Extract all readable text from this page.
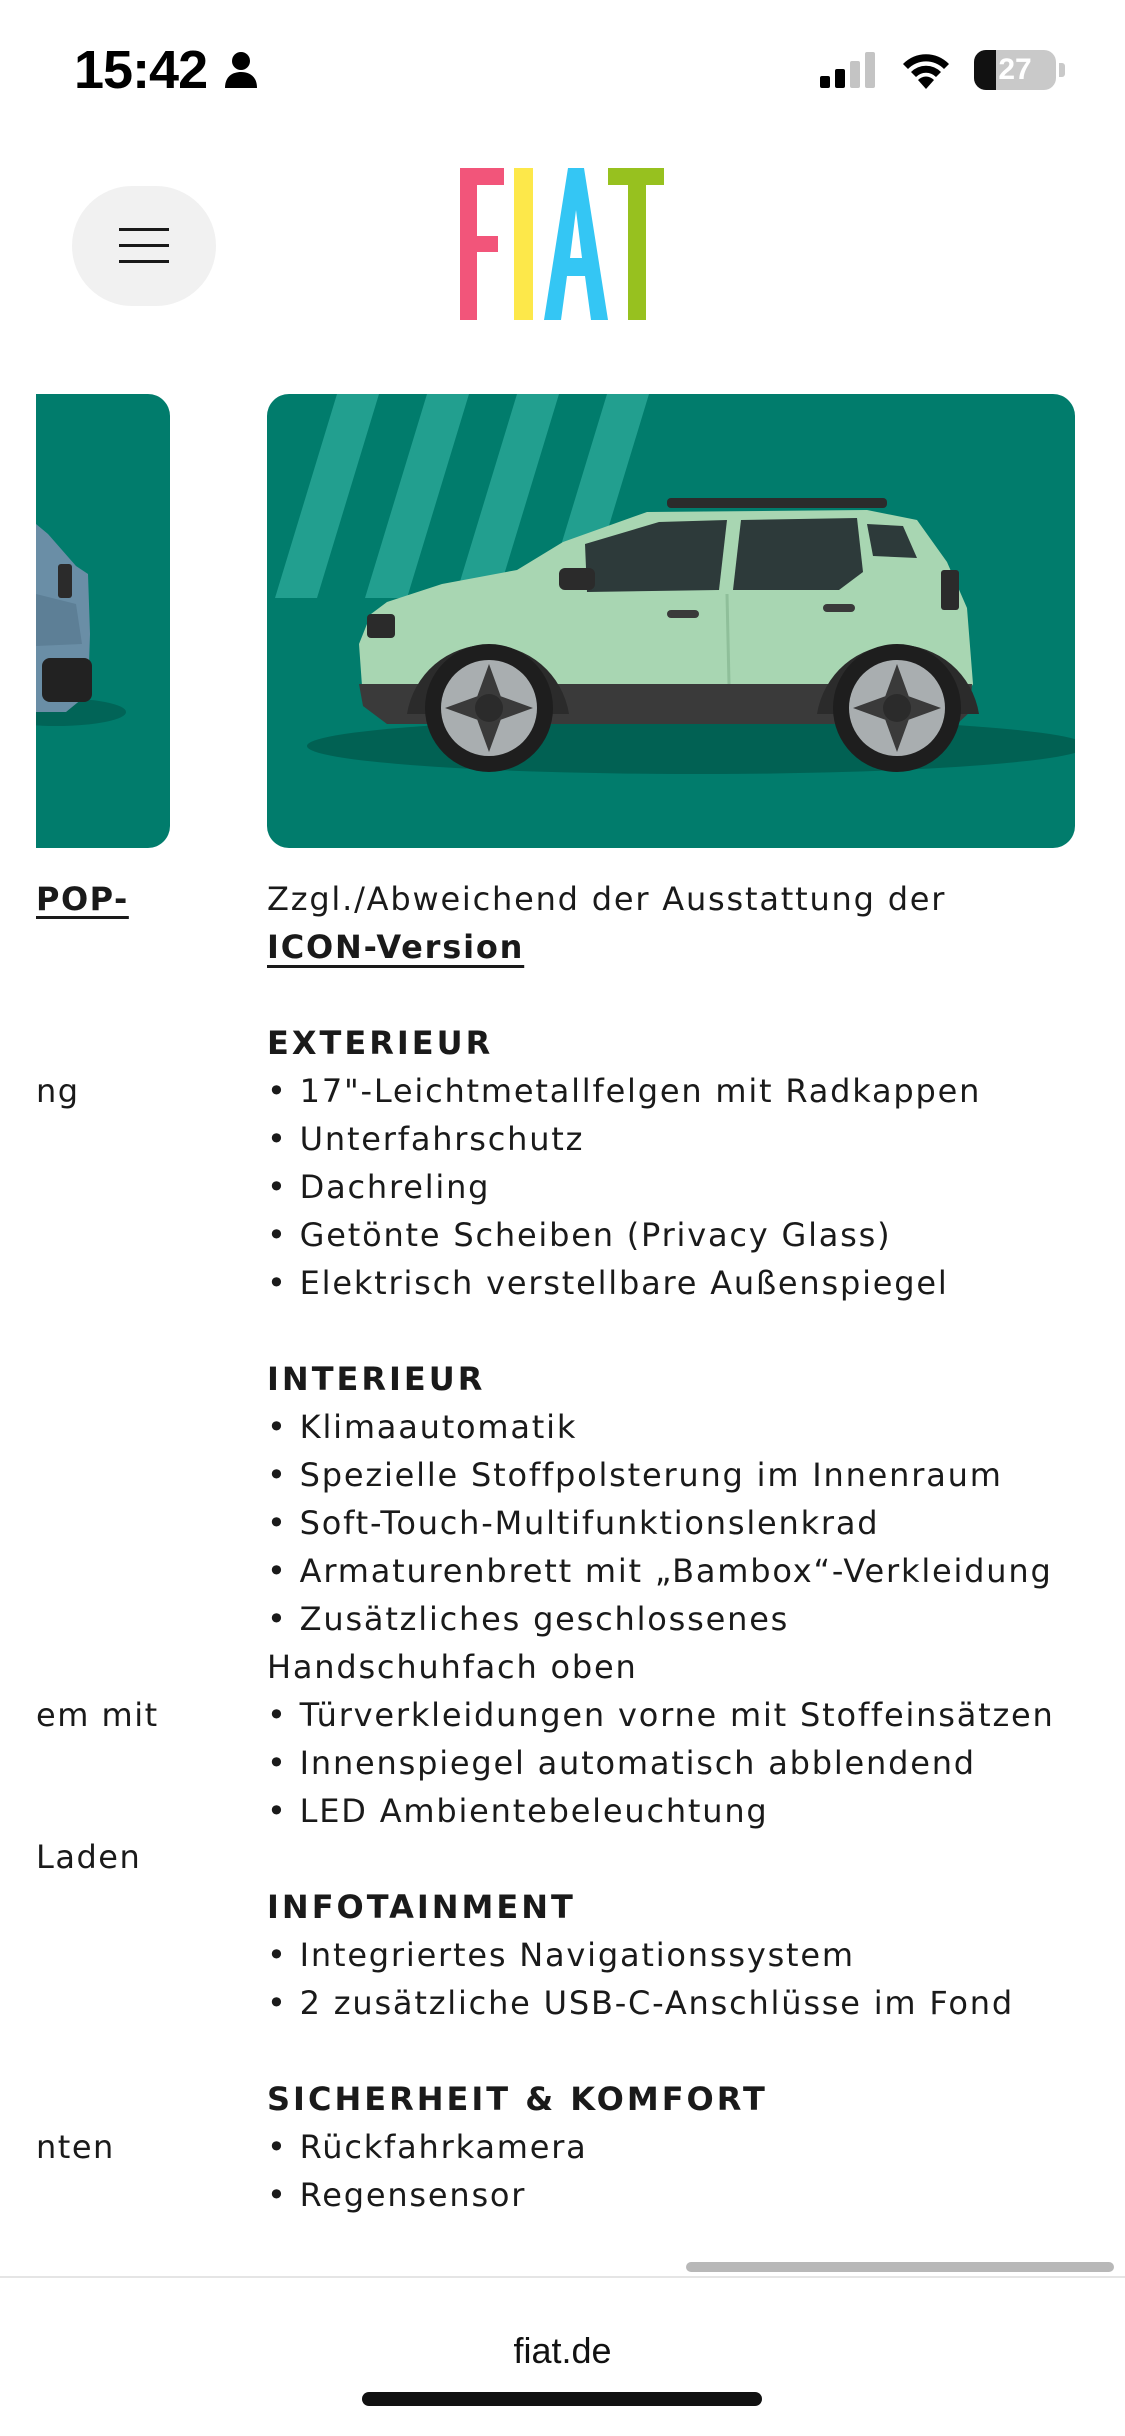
15:42	27
POP-
ng
em mit
Laden
nten

Zzgl./Abweichend der Ausstattung der ICON-Version

EXTERIEUR
• 17"-Leichtmetallfelgen mit Radkappen
• Unterfahrschutz
• Dachreling
• Getönte Scheiben (Privacy Glass)
• Elektrisch verstellbare Außenspiegel
INTERIEUR
• Klimaautomatik
• Spezielle Stoffpolsterung im Innenraum
• Soft-Touch-Multifunktionslenkrad
• Armaturenbrett mit „Bambox“-Verkleidung
• Zusätzliches geschlossenes Handschuhfach oben
• Türverkleidungen vorne mit Stoffeinsätzen
• Innenspiegel automatisch abblendend
• LED Ambientebeleuchtung
INFOTAINMENT
• Integriertes Navigationssystem
• 2 zusätzliche USB-C-Anschlüsse im Fond
SICHERHEIT & KOMFORT
• Rückfahrkamera
• Regensensor
fiat.de
